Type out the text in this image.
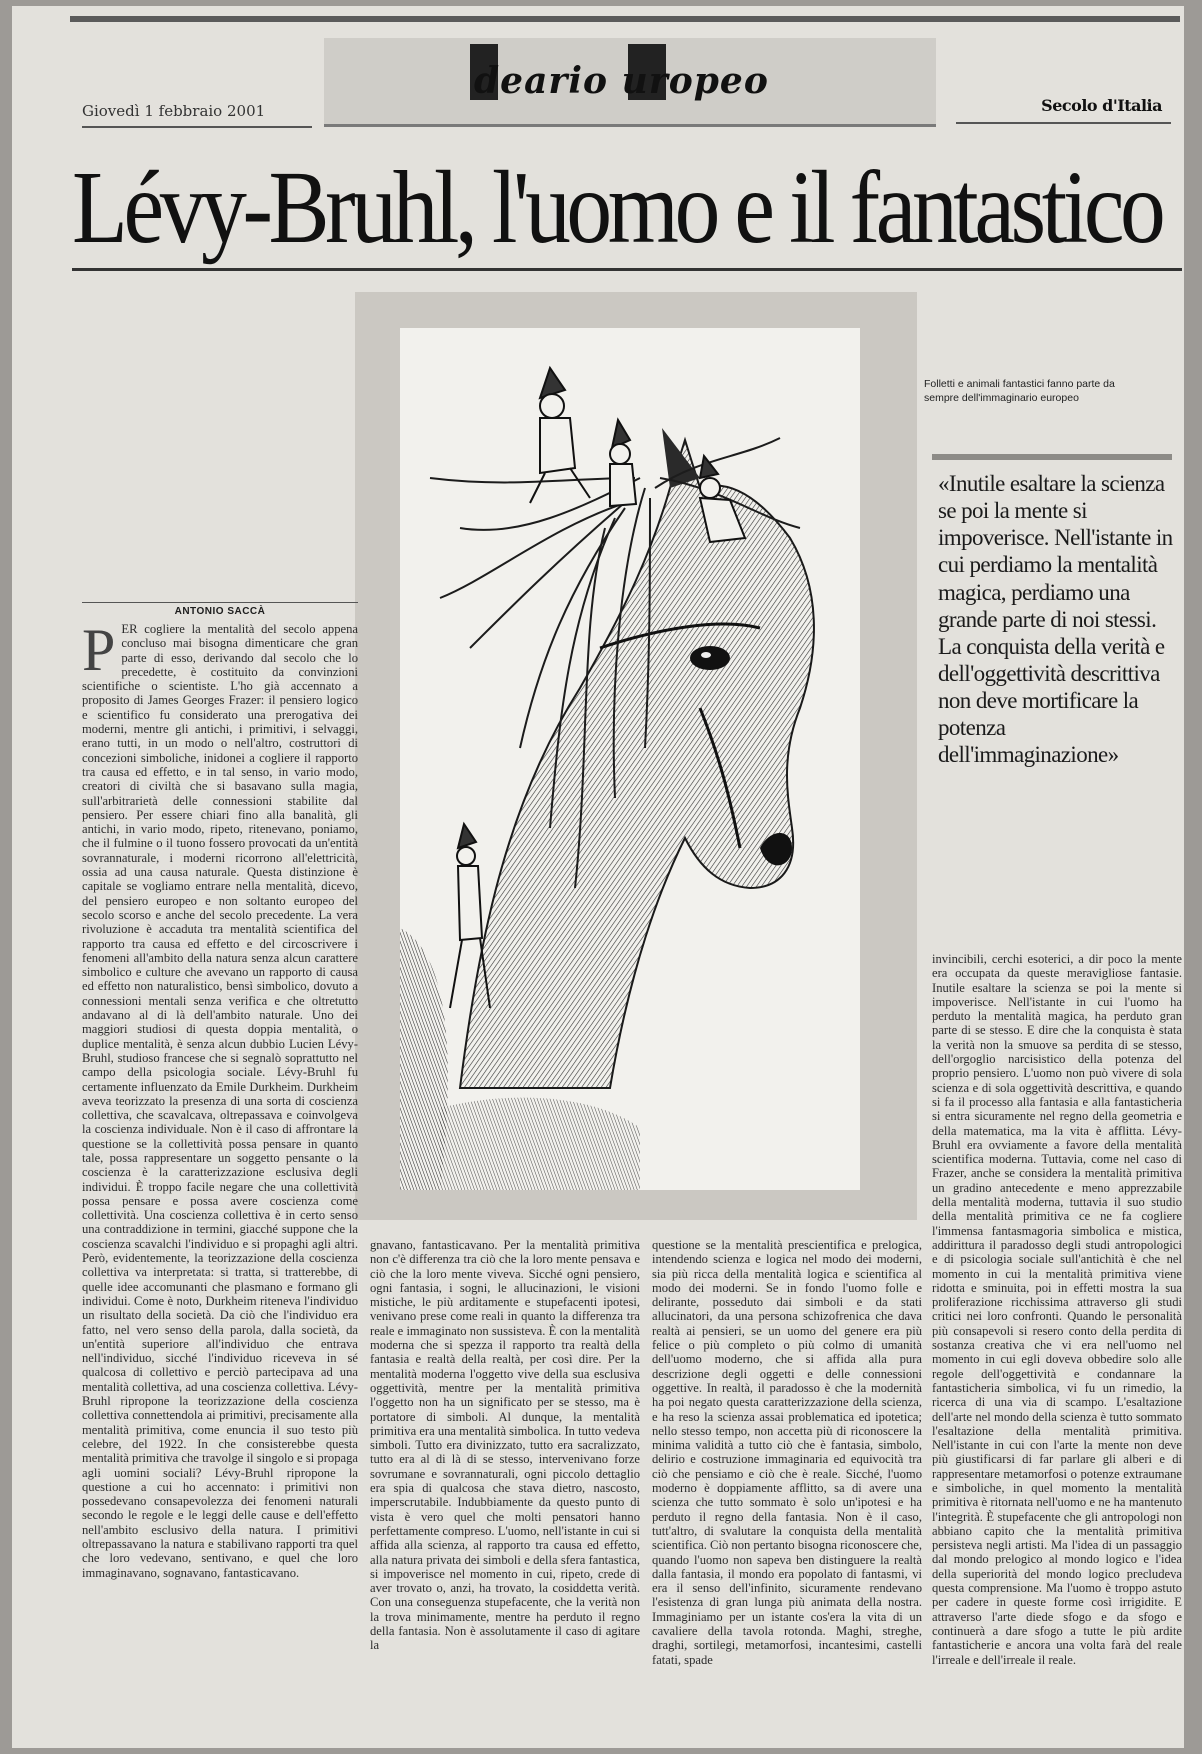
deario uropeo
Giovedì 1 febbraio 2001	Secolo d'Italia
Lévy-Bruhl, l'uomo e il fantastico
Folletti e animali fantastici fanno parte da sempre dell'immaginario europeo
«Inutile esaltare la scienza se poi la mente si impoverisce. Nell'istante in cui perdiamo la mentalità magica, perdiamo una grande parte di noi stessi. La conquista della verità e dell'oggettività descrittiva non deve mortificare la potenza dell'immaginazione»
ANTONIO SACCÀ
P ER cogliere la mentalità del secolo appena concluso mai bisogna dimenticare che gran parte di esso, derivando dal secolo che lo precedette, è costituito da convinzioni scientifiche o scientiste. L'ho già accennato a proposito di James Georges Frazer: il pensiero logico e scientifico fu considerato una prerogativa dei moderni, mentre gli antichi, i primitivi, i selvaggi, erano tutti, in un modo o nell'altro, costruttori di concezioni simboliche, inidonei a cogliere il rapporto tra causa ed effetto, e in tal senso, in vario modo, creatori di civiltà che si basavano sulla magia, sull'arbitrarietà delle connessioni stabilite dal pensiero. Per essere chiari fino alla banalità, gli antichi, in vario modo, ripeto, ritenevano, poniamo, che il fulmine o il tuono fossero provocati da un'entità sovrannaturale, i moderni ricorrono all'elettricità, ossia ad una causa naturale. Questa distinzione è capitale se vogliamo entrare nella mentalità, dicevo, del pensiero europeo e non soltanto europeo del secolo scorso e anche del secolo precedente. La vera rivoluzione è accaduta tra mentalità scientifica del rapporto tra causa ed effetto e del circoscrivere i fenomeni all'ambito della natura senza alcun carattere simbolico e culture che avevano un rapporto di causa ed effetto non naturalistico, bensì simbolico, dovuto a connessioni mentali senza verifica e che oltretutto andavano al di là dell'ambito naturale. Uno dei maggiori studiosi di questa doppia mentalità, o duplice mentalità, è senza alcun dubbio Lucien Lévy-Bruhl, studioso francese che si segnalò soprattutto nel campo della psicologia sociale. Lévy-Bruhl fu certamente influenzato da Emile Durkheim. Durkheim aveva teorizzato la presenza di una sorta di coscienza collettiva, che scavalcava, oltrepassava e coinvolgeva la coscienza individuale. Non è il caso di affrontare la questione se la collettività possa pensare in quanto tale, possa rappresentare un soggetto pensante o la coscienza è la caratterizzazione esclusiva degli individui. È troppo facile negare che una collettività possa pensare e possa avere coscienza come collettività. Una coscienza collettiva è in certo senso una contraddizione in termini, giacché suppone che la coscienza scavalchi l'individuo e si propaghi agli altri. Però, evidentemente, la teorizzazione della coscienza collettiva va interpretata: si tratta, si tratterebbe, di quelle idee accomunanti che plasmano e formano gli individui. Come è noto, Durkheim riteneva l'individuo un risultato della società. Da ciò che l'individuo era fatto, nel vero senso della parola, dalla società, da un'entità superiore all'individuo che entrava nell'individuo, sicché l'individuo riceveva in sé qualcosa di collettivo e perciò partecipava ad una mentalità collettiva, ad una coscienza collettiva. Lévy-Bruhl ripropone la teorizzazione della coscienza collettiva connettendola ai primitivi, precisamente alla mentalità primitiva, come enuncia il suo testo più celebre, del 1922. In che consisterebbe questa mentalità primitiva che travolge il singolo e si propaga agli uomini sociali? Lévy-Bruhl ripropone la questione a cui ho accennato: i primitivi non possedevano consapevolezza dei fenomeni naturali secondo le regole e le leggi delle cause e dell'effetto nell'ambito esclusivo della natura. I primitivi oltrepassavano la natura e stabilivano rapporti tra quel che loro vedevano, sentivano, e quel che loro immaginavano, sognavano, fantasticavano.
gnavano, fantasticavano. Per la mentalità primitiva non c'è differenza tra ciò che la loro mente pensava e ciò che la loro mente viveva. Sicché ogni pensiero, ogni fantasia, i sogni, le allucinazioni, le visioni mistiche, le più arditamente e stupefacenti ipotesi, venivano prese come reali in quanto la differenza tra reale e immaginato non sussisteva. È con la mentalità moderna che si spezza il rapporto tra realtà della fantasia e realtà della realtà, per così dire. Per la mentalità moderna l'oggetto vive della sua esclusiva oggettività, mentre per la mentalità primitiva l'oggetto non ha un significato per se stesso, ma è portatore di simboli. Al dunque, la mentalità primitiva era una mentalità simbolica. In tutto vedeva simboli. Tutto era divinizzato, tutto era sacralizzato, tutto era al di là di se stesso, intervenivano forze sovrumane e sovrannaturali, ogni piccolo dettaglio era spia di qualcosa che stava dietro, nascosto, imperscrutabile. Indubbiamente da questo punto di vista è vero quel che molti pensatori hanno perfettamente compreso. L'uomo, nell'istante in cui si affida alla scienza, al rapporto tra causa ed effetto, alla natura privata dei simboli e della sfera fantastica, si impoverisce nel momento in cui, ripeto, crede di aver trovato o, anzi, ha trovato, la cosiddetta verità. Con una conseguenza stupefacente, che la verità non la trova minimamente, mentre ha perduto il regno della fantasia. Non è assolutamente il caso di agitare la
questione se la mentalità prescientifica e prelogica, intendendo scienza e logica nel modo dei moderni, sia più ricca della mentalità logica e scientifica al modo dei moderni. Se in fondo l'uomo folle e delirante, posseduto dai simboli e da stati allucinatori, da una persona schizofrenica che dava realtà ai pensieri, se un uomo del genere era più felice o più completo o più colmo di umanità dell'uomo moderno, che si affida alla pura descrizione degli oggetti e delle connessioni oggettive. In realtà, il paradosso è che la modernità ha poi negato questa caratterizzazione della scienza, e ha reso la scienza assai problematica ed ipotetica; nello stesso tempo, non accetta più di riconoscere la minima validità a tutto ciò che è fantasia, simbolo, delirio e costruzione immaginaria ed equivocità tra ciò che pensiamo e ciò che è reale. Sicché, l'uomo moderno è doppiamente afflitto, sa di avere una scienza che tutto sommato è solo un'ipotesi e ha perduto il regno della fantasia. Non è il caso, tutt'altro, di svalutare la conquista della mentalità scientifica. Ciò non pertanto bisogna riconoscere che, quando l'uomo non sapeva ben distinguere la realtà dalla fantasia, il mondo era popolato di fantasmi, vi era il senso dell'infinito, sicuramente rendevano l'esistenza di gran lunga più animata della nostra. Immaginiamo per un istante cos'era la vita di un cavaliere della tavola rotonda. Maghi, streghe, draghi, sortilegi, metamorfosi, incantesimi, castelli fatati, spade
invincibili, cerchi esoterici, a dir poco la mente era occupata da queste meravigliose fantasie. Inutile esaltare la scienza se poi la mente si impoverisce. Nell'istante in cui l'uomo ha perduto la mentalità magica, ha perduto gran parte di se stesso. E dire che la conquista è stata la verità non la smuove sa perdita di se stesso, dell'orgoglio narcisistico della potenza del proprio pensiero. L'uomo non può vivere di sola scienza e di sola oggettività descrittiva, e quando si fa il processo alla fantasia e alla fantasticheria si entra sicuramente nel regno della geometria e della matematica, ma la vita è afflitta. Lévy-Bruhl era ovviamente a favore della mentalità scientifica moderna. Tuttavia, come nel caso di Frazer, anche se considera la mentalità primitiva un gradino antecedente e meno apprezzabile della mentalità moderna, tuttavia il suo studio della mentalità primitiva ce ne fa cogliere l'immensa fantasmagoria simbolica e mistica, addirittura il paradosso degli studi antropologici e di psicologia sociale sull'antichità è che nel momento in cui la mentalità primitiva viene ridotta e sminuita, poi in effetti mostra la sua proliferazione ricchissima attraverso gli studi critici nei loro confronti. Quando le personalità più consapevoli si resero conto della perdita di sostanza creativa che vi era nell'uomo nel momento in cui egli doveva obbedire solo alle regole dell'oggettività e condannare la fantasticheria simbolica, vi fu un rimedio, la ricerca di una via di scampo. L'esaltazione dell'arte nel mondo della scienza è tutto sommato l'esaltazione della mentalità primitiva. Nell'istante in cui con l'arte la mente non deve più giustificarsi di far parlare gli alberi e di rappresentare metamorfosi o potenze extraumane e simboliche, in quel momento la mentalità primitiva è ritornata nell'uomo e ne ha mantenuto l'integrità. È stupefacente che gli antropologi non abbiano capito che la mentalità primitiva persisteva negli artisti. Ma l'idea di un passaggio dal mondo prelogico al mondo logico e l'idea della superiorità del mondo logico precludeva questa comprensione. Ma l'uomo è troppo astuto per cadere in queste forme così irrigidite. E attraverso l'arte diede sfogo e da sfogo e continuerà a dare sfogo a tutte le più ardite fantasticherie e ancora una volta farà del reale l'irreale e dell'irreale il reale.
